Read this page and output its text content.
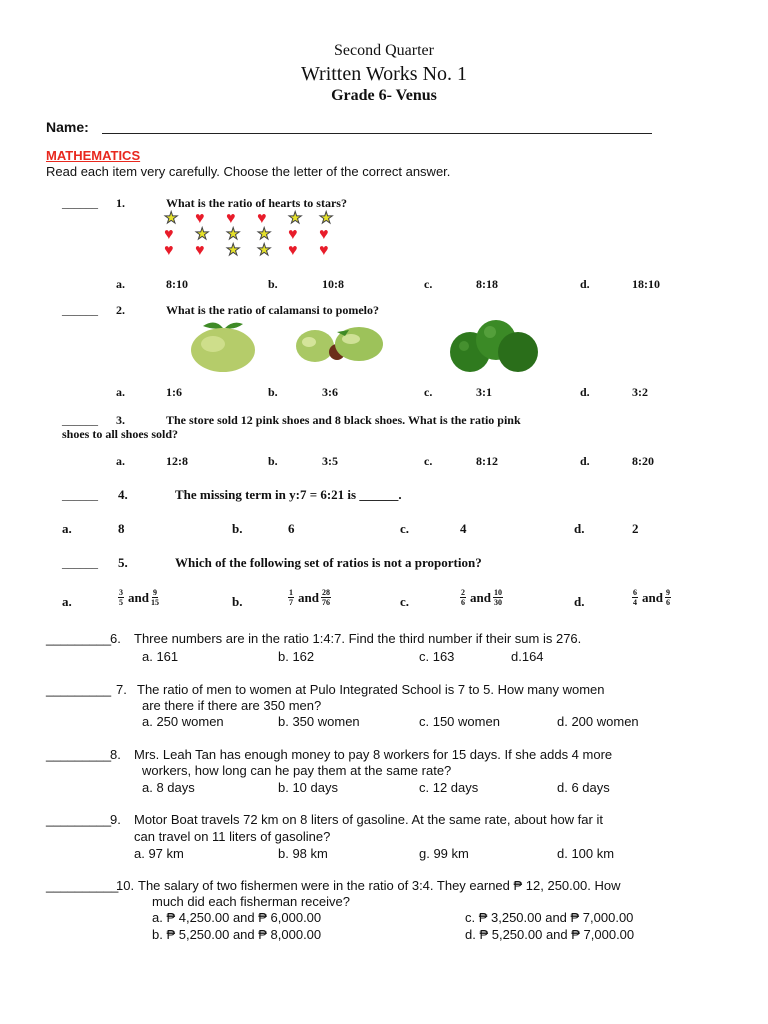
Second Quarter
Written Works No. 1
Grade 6- Venus
Name:
MATHEMATICS
Read each item very carefully. Choose the letter of the correct answer.
______ 1.	What is the ratio of hearts to stars?
★ ♥ ♥ ♥ ★ ★
♥ ★ ★ ★ ♥ ♥
♥ ♥ ★ ★ ♥ ♥
a.	8:10	b.	10:8	c.	8:18	d.	18:10
______ 2.	What is the ratio of calamansi to pomelo?
a.	1:6	b.	3:6	c.	3:1	d.	3:2
______ 3.	The store sold 12 pink shoes and 8 black shoes. What is the ratio pink
shoes to all shoes sold?
a.	12:8	b.	3:5	c.	8:12	d.	8:20
______ 4.	The missing term in y:7 = 6:21 is ______.
a.	8	b.	6	c.	4	d.	2
______ 5.	Which of the following set of ratios is not a proportion?
a.	$\frac{3}{5}$ and $\frac{9}{15}$	b.	$\frac{1}{7}$ and $\frac{28}{76}$	c.	$\frac{2}{6}$ and $\frac{10}{30}$	d.	$\frac{6}{4}$ and $\frac{9}{6}$
_________
6. Three numbers are in the ratio 1:4:7. Find the third number if their sum is 276.
a. 161	b. 162	c. 163	d.164
_________ 7. The ratio of men to women at Pulo Integrated School is 7 to 5. How many women
are there if there are 350 men?
a. 250 women	b. 350 women	c. 150 women	d. 200 women
_________
8. Mrs. Leah Tan has enough money to pay 8 workers for 15 days. If she adds 4 more
workers, how long can he pay them at the same rate?
a. 8 days	b. 10 days	c. 12 days	d. 6 days
_________
9. Motor Boat travels 72 km on 8 liters of gasoline. At the same rate, about how far it
can travel on 11 liters of gasoline?
a. 97 km	b. 98 km	g. 99 km	d. 100 km
__________
10. The salary of two fishermen were in the ratio of 3:4. They earned ₱ 12, 250.00. How
much did each fisherman receive?
a. ₱ 4,250.00 and ₱ 6,000.00	c. ₱ 3,250.00 and ₱ 7,000.00
b. ₱ 5,250.00 and ₱ 8,000.00	d. ₱ 5,250.00 and ₱ 7,000.00
